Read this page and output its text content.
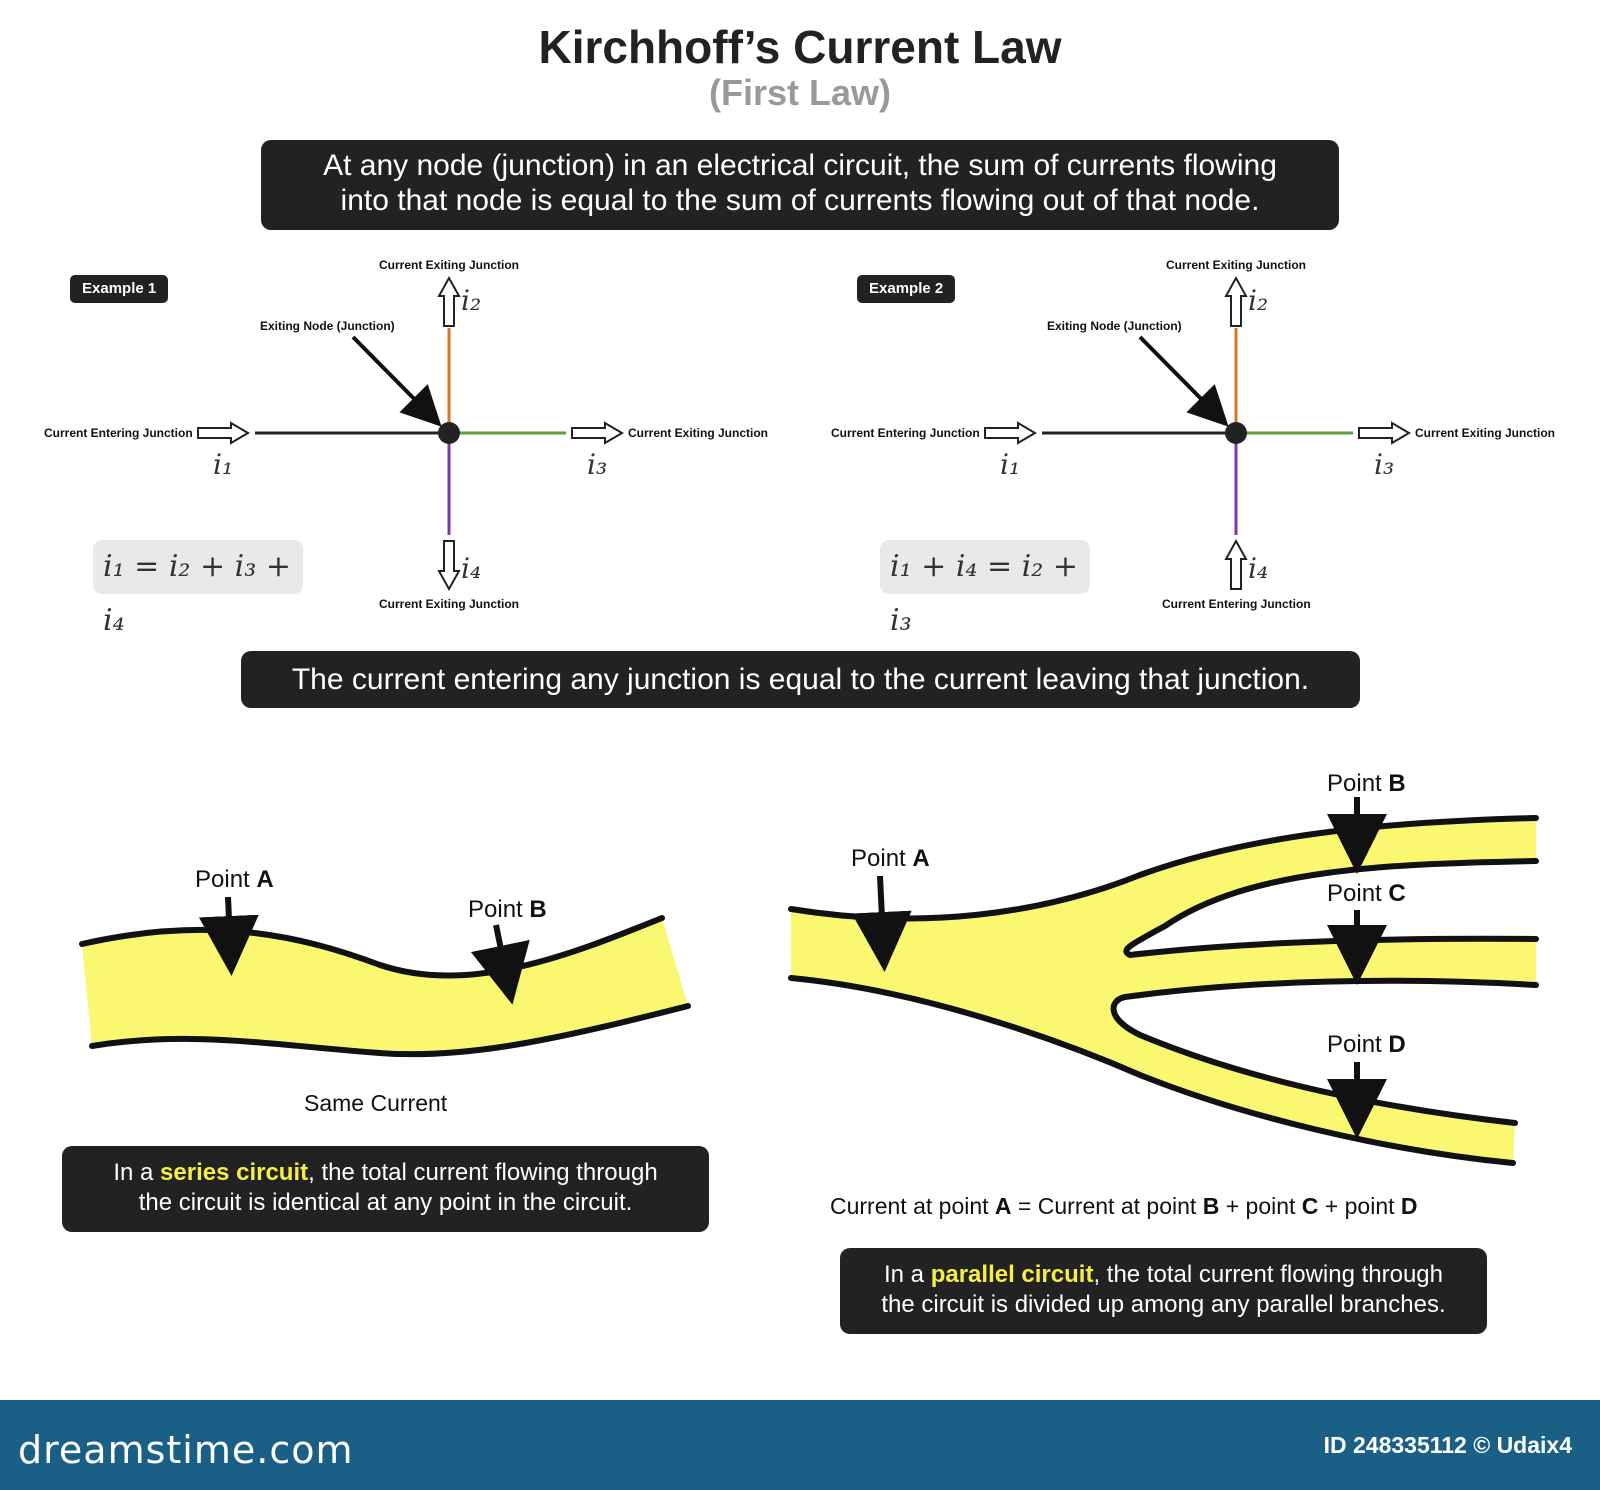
Kirchhoff’s Current Law
(First Law)
At any node (junction) in an electrical circuit, the sum of currents flowing
into that node is equal to the sum of currents flowing out of that node.
Example 1
Current Exiting Junction
Exiting Node (Junction)
Current Entering Junction	Current Exiting Junction
Current Exiting Junction
i₁
i₂
i₃
i₄
i₁ = i₂ + i₃ + i₄
Example 2
Current Exiting Junction
Exiting Node (Junction)
Current Entering Junction	Current Exiting Junction
Current Entering Junction
i₁
i₂
i₃
i₄
i₁ + i₄ = i₂ + i₃
The current entering any junction is equal to the current leaving that junction.
Point A
Point B
Same Current
In a series circuit, the total current flowing through
the circuit is identical at any point in the circuit.
Point A
Point B
Point C
Point D
Current at point A = Current at point B + point C + point D
In a parallel circuit, the total current flowing through
the circuit is divided up among any parallel branches.
dreamstime.com	ID 248335112 © Udaix4
